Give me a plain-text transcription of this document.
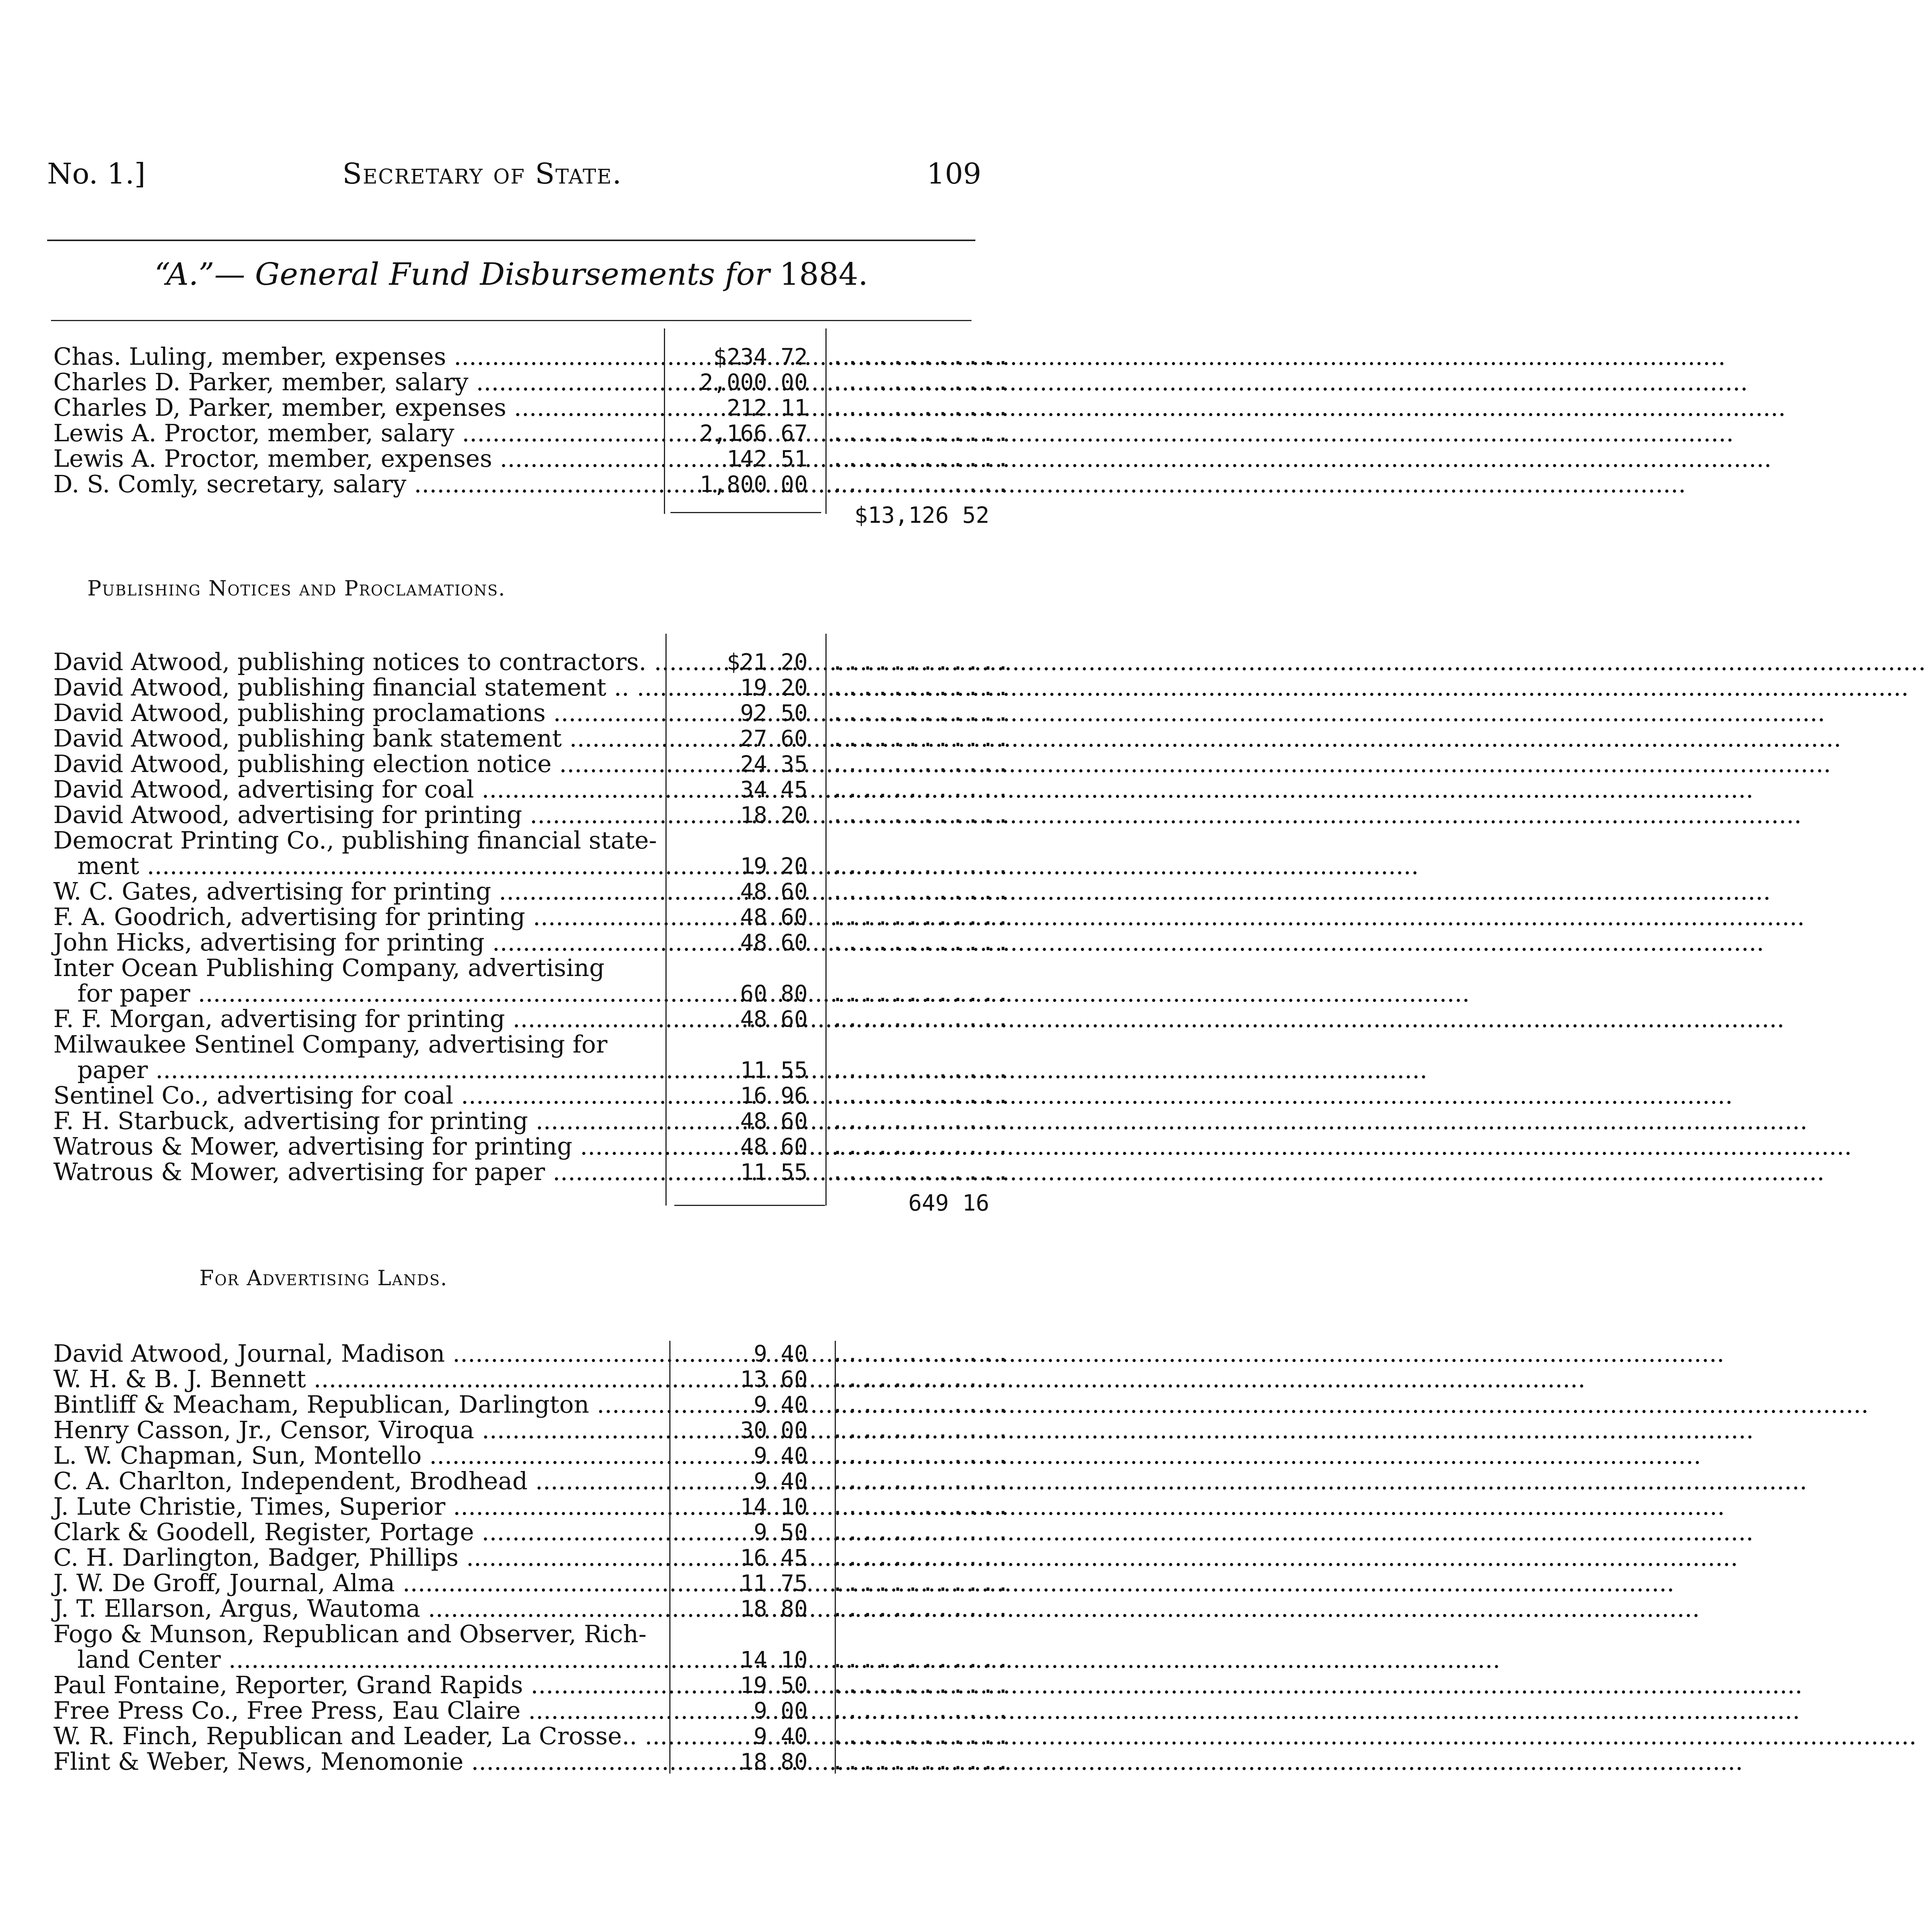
No. 1.]	Secretary of State.	109
“A.”— General Fund Disbursements for 1884.
Chas. Luling, member, expenses .....	$234 72 ............
Charles D. Parker, member, salary .....	2,000 00 ............
Charles D, Parker, member, expenses .....	212 11 ............
Lewis A. Proctor, member, salary .....	2,166 67 ............
Lewis A. Proctor, member, expenses .....	142 51 ............
D. S. Comly, secretary, salary .....	1,800 00 ............
$13,126 52
Publishing Notices and Proclamations.
David Atwood, publishing notices to contractors. .....	$21 20 ............
David Atwood, publishing financial statement .. .....	19 20 ............
David Atwood, publishing proclamations .....	92 50 ............
David Atwood, publishing bank statement .....	27 60 ............
David Atwood, publishing election notice .....	24 35 ............
David Atwood, advertising for coal .....	34 45 ............
David Atwood, advertising for printing .....	18 20 ............
Democrat Printing Co., publishing financial state-
ment .....	19 20 ............
W. C. Gates, advertising for printing .....	48 60 ............
F. A. Goodrich, advertising for printing .....	48 60 ............
John Hicks, advertising for printing .....	48 60 ............
Inter Ocean Publishing Company, advertising
for paper .....	60 80 ............
F. F. Morgan, advertising for printing .....	48 60 ............
Milwaukee Sentinel Company, advertising for
paper .....	11 55 ............
Sentinel Co., advertising for coal .....	16 96 ............
F. H. Starbuck, advertising for printing .....	48 60 ............
Watrous & Mower, advertising for printing .....	48 60 ............
Watrous & Mower, advertising for paper .....	11 55 ............
649 16
For Advertising Lands.
David Atwood, Journal, Madison .....	9 40 ............
W. H. & B. J. Bennett .....	13 60 ............
Bintliff & Meacham, Republican, Darlington .....	9 40 ............
Henry Casson, Jr., Censor, Viroqua .....	30 00 ............
L. W. Chapman, Sun, Montello .....	9 40 ............
C. A. Charlton, Independent, Brodhead .....	9 40 ............
J. Lute Christie, Times, Superior .....	14 10 ............
Clark & Goodell, Register, Portage .....	9 50 ............
C. H. Darlington, Badger, Phillips .....	16 45 ............
J. W. De Groff, Journal, Alma .....	11 75 ............
J. T. Ellarson, Argus, Wautoma .....	18 80 ............
Fogo & Munson, Republican and Observer, Rich-
land Center .....	14 10 ............
Paul Fontaine, Reporter, Grand Rapids .....	19 50 ............
Free Press Co., Free Press, Eau Claire .....	9 00 ............
W. R. Finch, Republican and Leader, La Crosse.. .....	9 40 ............
Flint & Weber, News, Menomonie .....	18 80 ............
